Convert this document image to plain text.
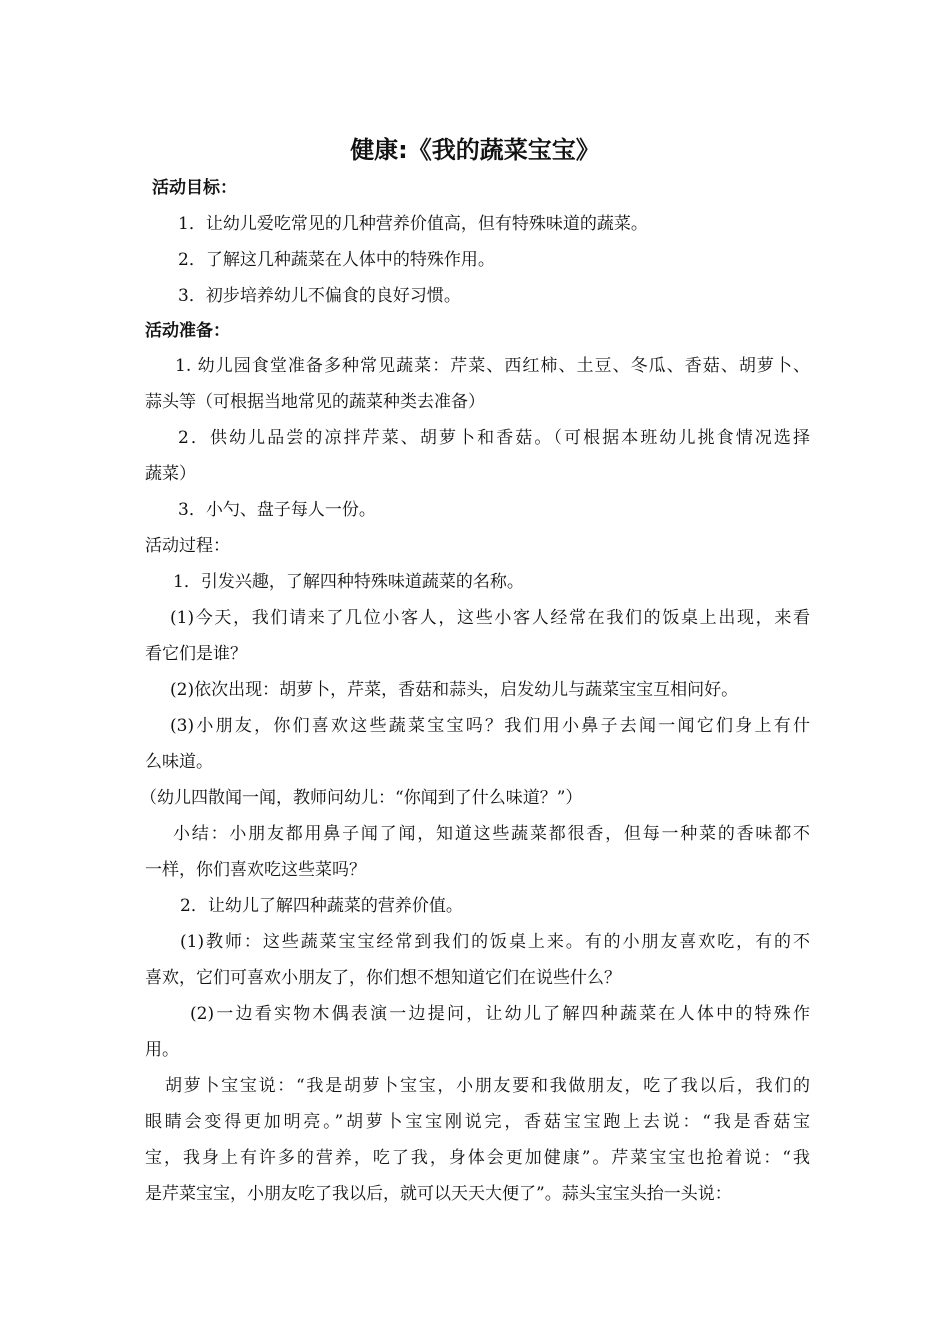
健康:《我的蔬菜宝宝》
活动目标：
1．让幼儿爱吃常见的几种营养价值高，但有特殊味道的蔬菜。
2．了解这几种蔬菜在人体中的特殊作用。
3．初步培养幼儿不偏食的良好习惯。
活动准备：
1. 幼儿园食堂准备多种常见蔬菜：芹菜、西红柿、土豆、冬瓜、香菇、胡萝卜、
蒜头等（可根据当地常见的蔬菜种类去准备）
2．供幼儿品尝的凉拌芹菜、胡萝卜和香菇。（可根据本班幼儿挑食情况选择
蔬菜）
3．小勺、盘子每人一份。
活动过程：
1．引发兴趣，了解四种特殊味道蔬菜的名称。
(1)今天，我们请来了几位小客人，这些小客人经常在我们的饭桌上出现，来看
看它们是谁？
(2)依次出现：胡萝卜，芹菜，香菇和蒜头，启发幼儿与蔬菜宝宝互相问好。
(3)小朋友，你们喜欢这些蔬菜宝宝吗？我们用小鼻子去闻一闻它们身上有什
么味道。
（幼儿四散闻一闻，教师问幼儿：“你闻到了什么味道？”）
小结：小朋友都用鼻子闻了闻，知道这些蔬菜都很香，但每一种菜的香味都不
一样，你们喜欢吃这些菜吗？
2．让幼儿了解四种蔬菜的营养价值。
(1)教师：这些蔬菜宝宝经常到我们的饭桌上来。有的小朋友喜欢吃，有的不
喜欢，它们可喜欢小朋友了，你们想不想知道它们在说些什么？
(2)一边看实物木偶表演一边提问，让幼儿了解四种蔬菜在人体中的特殊作
用。
胡萝卜宝宝说：“我是胡萝卜宝宝，小朋友要和我做朋友，吃了我以后，我们的
眼睛会变得更加明亮。”胡萝卜宝宝刚说完，香菇宝宝跑上去说：“我是香菇宝
宝，我身上有许多的营养，吃了我，身体会更加健康”。芹菜宝宝也抢着说：“我
是芹菜宝宝，小朋友吃了我以后，就可以天天大便了”。蒜头宝宝头抬一头说：
